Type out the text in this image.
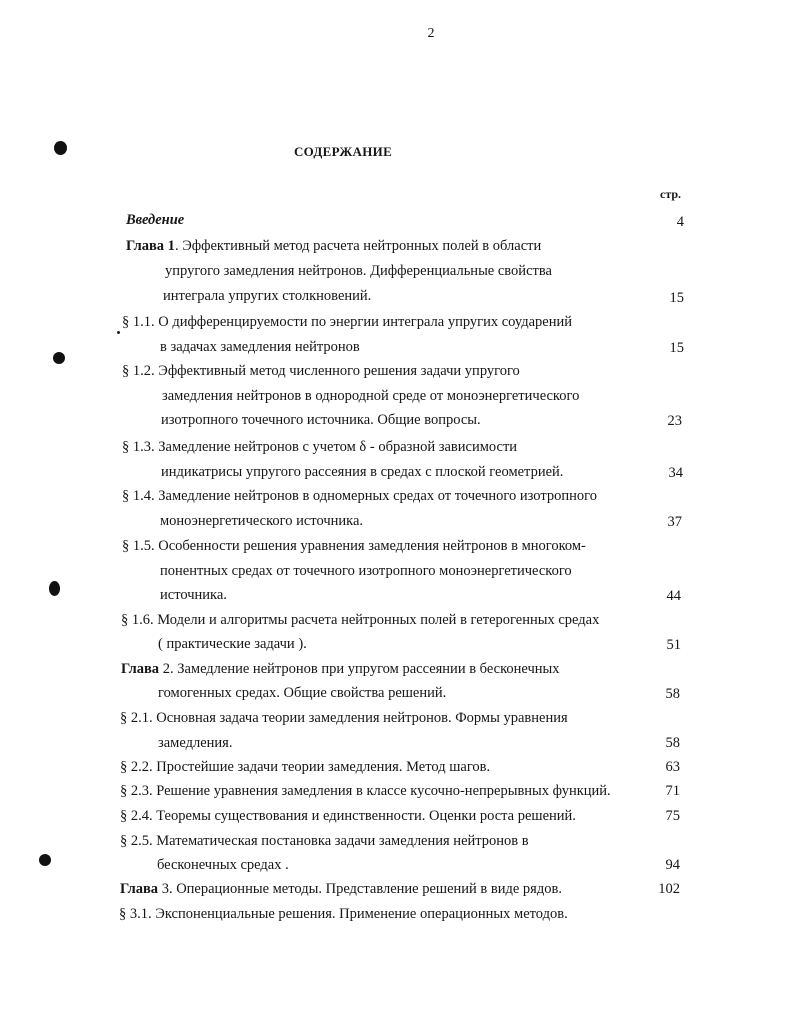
2
СОДЕРЖАНИЕ
стр.
Введение	4
Глава 1. Эффективный метод расчета нейтронных полей в области
упругого замедления нейтронов. Дифференциальные свойства
интеграла упругих столкновений.	15
§ 1.1. О дифференцируемости по энергии интеграла упругих соударений
в задачах замедления нейтронов	15
§ 1.2. Эффективный метод численного решения задачи упругого
замедления нейтронов в однородной среде от моноэнергетического
изотропного точечного источника. Общие вопросы.	23
§ 1.3. Замедление нейтронов с учетом δ - образной зависимости
индикатрисы упругого рассеяния в средах с плоской геометрией.	34
§ 1.4. Замедление нейтронов в одномерных средах от точечного изотропного
моноэнергетического источника.	37
§ 1.5. Особенности решения уравнения замедления нейтронов в многоком-
понентных средах от точечного изотропного моноэнергетического
источника.	44
§ 1.6. Модели и алгоритмы расчета нейтронных полей в гетерогенных средах
( практические задачи ).	51
Глава 2. Замедление нейтронов при упругом рассеянии в бесконечных
гомогенных средах. Общие свойства решений.	58
§ 2.1. Основная задача теории замедления нейтронов. Формы уравнения
замедления.	58
§ 2.2. Простейшие задачи теории замедления. Метод шагов.	63
§ 2.3. Решение уравнения замедления в классе кусочно-непрерывных функций.	71
§ 2.4. Теоремы существования и единственности. Оценки роста решений.	75
§ 2.5. Математическая постановка задачи замедления нейтронов в
бесконечных средах .	94
Глава 3. Операционные методы. Представление решений в виде рядов.	102
§ 3.1. Экспоненциальные решения. Применение операционных методов.
